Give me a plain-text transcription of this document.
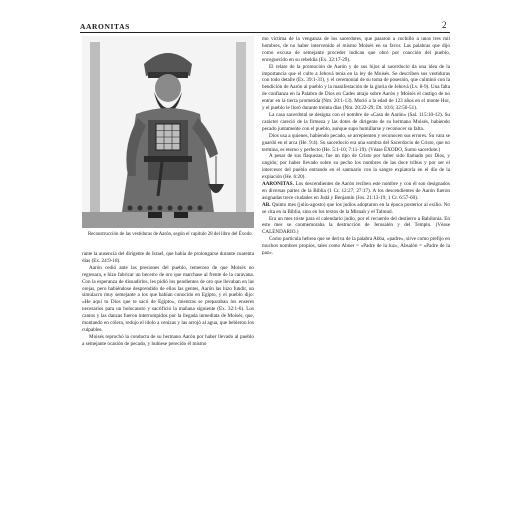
AARONITAS	2
Reconstrucción de las vestiduras de Aarón, según el capítulo 28 del libro del Éxodo.

rante la ausencia del dirigente de Israel, que había de prolongarse durante cuarenta días (Ex. 24:9-18).

Aarón cedió ante las presiones del pueblo, temeroso de que Moisés no regresara, e hizo fabricar un becerro de oro que marchase al frente de la caravana. Con la esperanza de disuadirlos, les pidió los pendientes de oro que llevaban en las orejas, pero habiéndose desprendido de ellos las gentes, Aarón las hizo fundir, un simulacro muy semejante a los que habían conocido en Egipto, y el pueblo dijo: «He aquí tu Dios que te sacó de Egipto», mientras se preparaban los enseres necesarios para un holocausto y sacrificio la mañana siguiente (Ex. 32:1-6). Los cantos y las danzas fueron interrumpidos por la llegada inmediata de Moisés, que, montando en cólera, redujo el ídolo a cenizas y las arrojó al agua, que bebieron los culpables.

Moisés reprochó la conducta de su hermano Aarón por haber llevado al pueblo a semejante ocasión de pecado, y hubiese perecido él mismo

mo víctima de la venganza de los sacerdotes, que pasaron a cuchillo a unos tres mil hombres, de no haber intervenido el mismo Moisés en su favor. Las palabras que dijo como excusa de semejante proceder indican que obró por coacción del pueblo, enceguecido en su rebeldía (Ex. 32:17-29).

El relato de la promoción de Aarón y de sus hijos al sacerdocio da una idea de la importancia que el culto a Jehová tenía en la ley de Moisés. Se describen sus vestiduras con todo detalle (Ex. 39:1-31), y el ceremonial de su toma de posesión, que culminó con la bendición de Aarón al pueblo y la manifestación de la gloria de Jehová (Lv. 8-9). Una falta de confianza en la Palabra de Dios en Cades atrajo sobre Aarón y Moisés el castigo de no entrar en la tierra prometida (Nm. 20:1-13). Murió a la edad de 123 años en el monte Hor, y el pueblo le lloró durante treinta días (Nm. 20:22-29; Dt. 10:6; 32:50-51).

La casa sacerdotal se designa con el nombre de «Casa de Aarón» (Sal. 115:10-12). Su carácter careció de la firmeza y las dotes de dirigente de su hermano Moisés, habiendo pecado juntamente con el pueblo, aunque supo humillarse y reconocer su falta.

Dios usa a quienes, habiendo pecado, se arrepienten y reconocen sus errores. Su vara se guardó en el arca (He. 9:4). Su sacerdocio era una sombra del Sacerdocio de Cristo, que no termina, es eterno y perfecto (He. 5:1-10; 7:11-19). (Véase ÉXODO, Sumo sacerdote.)

A pesar de sus flaquezas, fue un tipo de Cristo por haber sido llamado por Dios, y ungido; por haber llevado sobre su pecho los nombres de las doce tribus y por ser el intercesor del pueblo entrando en el santuario con la sangre expiatoria en el día de la expiación (He. 6:20).

AARONITAS. Los descendientes de Aarón reciben este nombre y con él son designados en diversas partes de la Biblia (1 Cr. 12:27; 27:17). A los descendientes de Aarón fueron asignadas trece ciudades en Judá y Benjamín (Jos. 21:13-19; 1 Cr. 6:57-60).

AB. Quinto mes (julio-agosto) que los judíos adoptaron en la época posterior al exilio. No se cita en la Biblia, sino en los textos de la Misnah y el Talmud.

Era un mes triste para el calendario judío, por el recuerdo del destierro a Babilonia. En este mes se conmemoraba la destrucción de Jerusalén y del Templo. (Véase CALENDARIO.)

Como partícula hebrea que se deriva de la palabra Abba, «padre», sirve como prefijo en muchos nombres propios, tales como Abner = «Padre de la luz», Absalón = «Padre de la paz».
